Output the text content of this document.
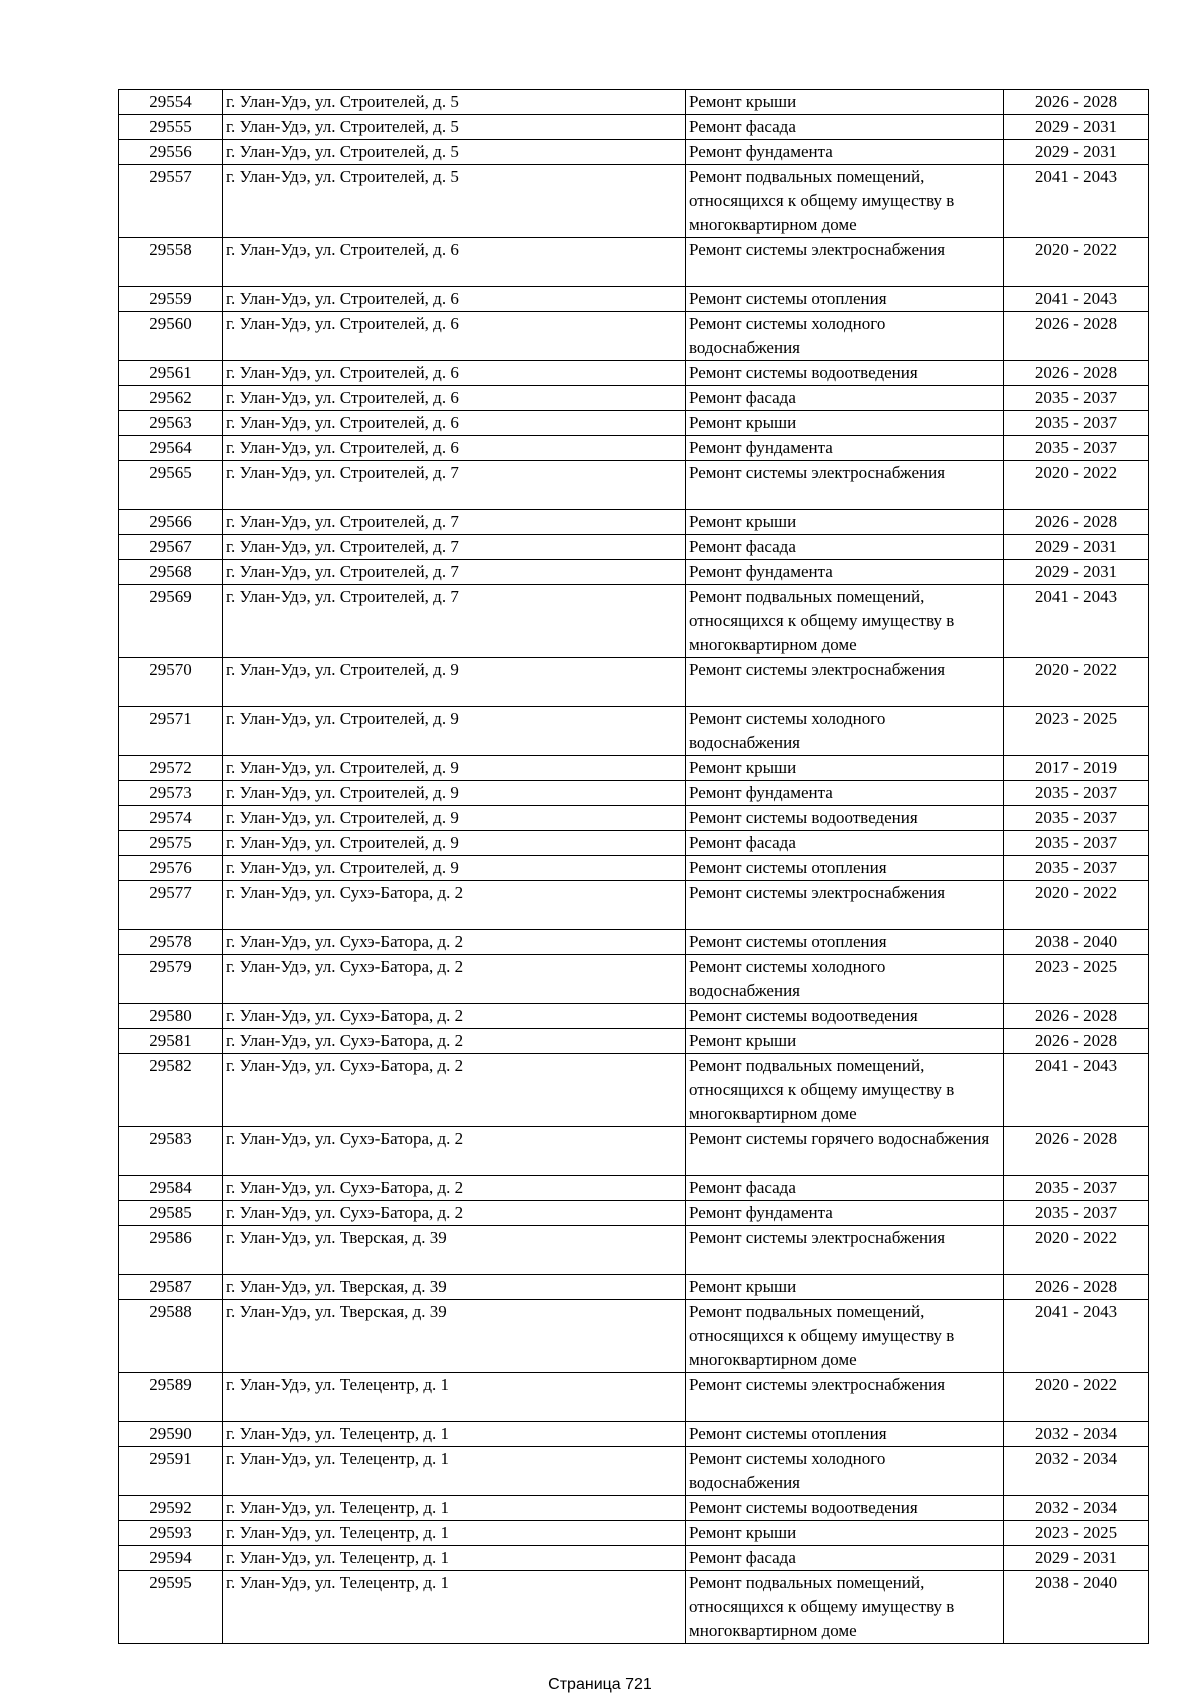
29554	г. Улан-Удэ, ул. Строителей, д. 5	Ремонт крыши	2026 - 2028
29555	г. Улан-Удэ, ул. Строителей, д. 5	Ремонт фасада	2029 - 2031
29556	г. Улан-Удэ, ул. Строителей, д. 5	Ремонт фундамента	2029 - 2031
29557	г. Улан-Удэ, ул. Строителей, д. 5	Ремонт подвальных помещений, относящихся к общему имуществу в многоквартирном доме	2041 - 2043
29558	г. Улан-Удэ, ул. Строителей, д. 6	Ремонт системы электроснабжения	2020 - 2022
29559	г. Улан-Удэ, ул. Строителей, д. 6	Ремонт системы отопления	2041 - 2043
29560	г. Улан-Удэ, ул. Строителей, д. 6	Ремонт системы холодного водоснабжения	2026 - 2028
29561	г. Улан-Удэ, ул. Строителей, д. 6	Ремонт системы водоотведения	2026 - 2028
29562	г. Улан-Удэ, ул. Строителей, д. 6	Ремонт фасада	2035 - 2037
29563	г. Улан-Удэ, ул. Строителей, д. 6	Ремонт крыши	2035 - 2037
29564	г. Улан-Удэ, ул. Строителей, д. 6	Ремонт фундамента	2035 - 2037
29565	г. Улан-Удэ, ул. Строителей, д. 7	Ремонт системы электроснабжения	2020 - 2022
29566	г. Улан-Удэ, ул. Строителей, д. 7	Ремонт крыши	2026 - 2028
29567	г. Улан-Удэ, ул. Строителей, д. 7	Ремонт фасада	2029 - 2031
29568	г. Улан-Удэ, ул. Строителей, д. 7	Ремонт фундамента	2029 - 2031
29569	г. Улан-Удэ, ул. Строителей, д. 7	Ремонт подвальных помещений, относящихся к общему имуществу в многоквартирном доме	2041 - 2043
29570	г. Улан-Удэ, ул. Строителей, д. 9	Ремонт системы электроснабжения	2020 - 2022
29571	г. Улан-Удэ, ул. Строителей, д. 9	Ремонт системы холодного водоснабжения	2023 - 2025
29572	г. Улан-Удэ, ул. Строителей, д. 9	Ремонт крыши	2017 - 2019
29573	г. Улан-Удэ, ул. Строителей, д. 9	Ремонт фундамента	2035 - 2037
29574	г. Улан-Удэ, ул. Строителей, д. 9	Ремонт системы водоотведения	2035 - 2037
29575	г. Улан-Удэ, ул. Строителей, д. 9	Ремонт фасада	2035 - 2037
29576	г. Улан-Удэ, ул. Строителей, д. 9	Ремонт системы отопления	2035 - 2037
29577	г. Улан-Удэ, ул. Сухэ-Батора, д. 2	Ремонт системы электроснабжения	2020 - 2022
29578	г. Улан-Удэ, ул. Сухэ-Батора, д. 2	Ремонт системы отопления	2038 - 2040
29579	г. Улан-Удэ, ул. Сухэ-Батора, д. 2	Ремонт системы холодного водоснабжения	2023 - 2025
29580	г. Улан-Удэ, ул. Сухэ-Батора, д. 2	Ремонт системы водоотведения	2026 - 2028
29581	г. Улан-Удэ, ул. Сухэ-Батора, д. 2	Ремонт крыши	2026 - 2028
29582	г. Улан-Удэ, ул. Сухэ-Батора, д. 2	Ремонт подвальных помещений, относящихся к общему имуществу в многоквартирном доме	2041 - 2043
29583	г. Улан-Удэ, ул. Сухэ-Батора, д. 2	Ремонт системы горячего водоснабжения	2026 - 2028
29584	г. Улан-Удэ, ул. Сухэ-Батора, д. 2	Ремонт фасада	2035 - 2037
29585	г. Улан-Удэ, ул. Сухэ-Батора, д. 2	Ремонт фундамента	2035 - 2037
29586	г. Улан-Удэ, ул. Тверская, д. 39	Ремонт системы электроснабжения	2020 - 2022
29587	г. Улан-Удэ, ул. Тверская, д. 39	Ремонт крыши	2026 - 2028
29588	г. Улан-Удэ, ул. Тверская, д. 39	Ремонт подвальных помещений, относящихся к общему имуществу в многоквартирном доме	2041 - 2043
29589	г. Улан-Удэ, ул. Телецентр, д. 1	Ремонт системы электроснабжения	2020 - 2022
29590	г. Улан-Удэ, ул. Телецентр, д. 1	Ремонт системы отопления	2032 - 2034
29591	г. Улан-Удэ, ул. Телецентр, д. 1	Ремонт системы холодного водоснабжения	2032 - 2034
29592	г. Улан-Удэ, ул. Телецентр, д. 1	Ремонт системы водоотведения	2032 - 2034
29593	г. Улан-Удэ, ул. Телецентр, д. 1	Ремонт крыши	2023 - 2025
29594	г. Улан-Удэ, ул. Телецентр, д. 1	Ремонт фасада	2029 - 2031
29595	г. Улан-Удэ, ул. Телецентр, д. 1	Ремонт подвальных помещений, относящихся к общему имуществу в многоквартирном доме	2038 - 2040
Страница 721
